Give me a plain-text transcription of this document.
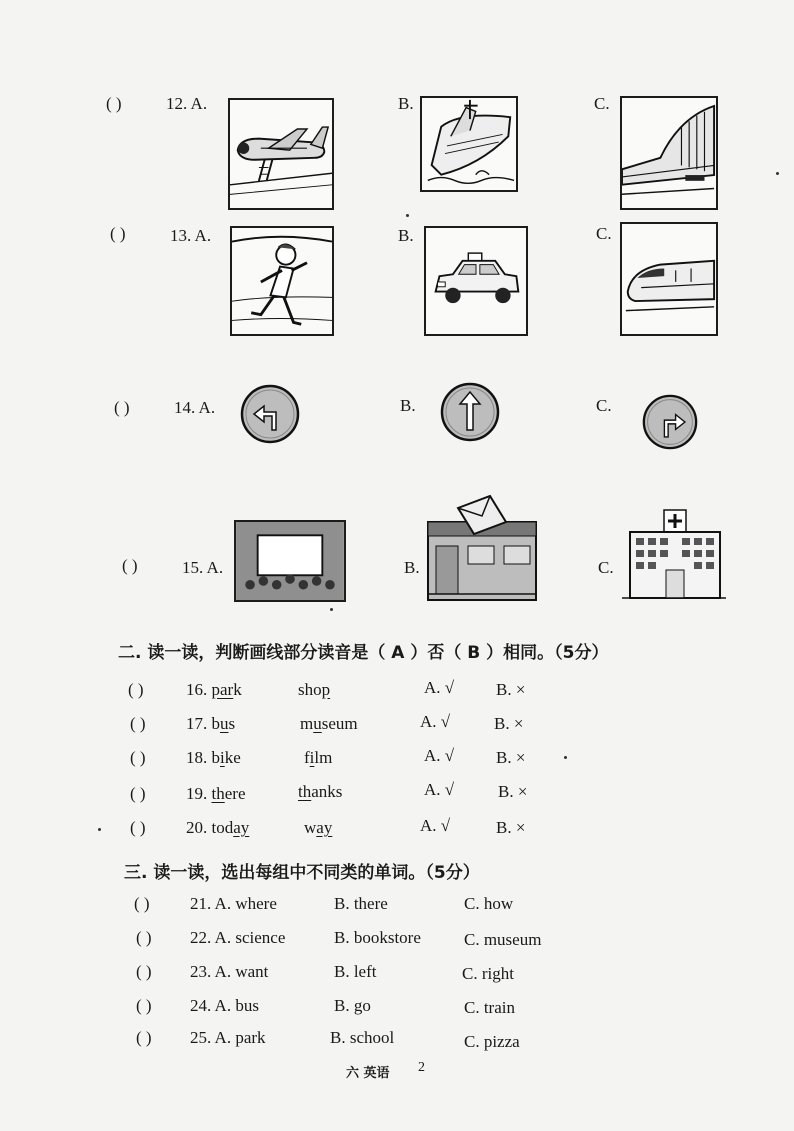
( )	12. A.	B.	C.
( )	13. A.	B.	C.
( )	14. A.	B.	C.
( )	15. A.	B.	C.
二. 读一读，判断画线部分读音是（ A ）否（ B ）相同。（5分）
( ) 16. park	shop	A. √ B. ×
( ) 17. bus	museum	A. √	B. ×
( ) 18. bike	film	A. √ B. ×
( ) 19. there	thanks	A. √	B. ×
( ) 20. today	way	A. √	B. ×
三. 读一读，选出每组中不同类的单词。（5分）
( ) 21. A. where	B. there	C. how
( ) 22. A. science	B. bookstore	C. museum
( ) 23. A. want	B. left	C. right
( ) 24. A. bus	B. go	C. train
( ) 25. A. park	B. school	C. pizza
六 英语 2
